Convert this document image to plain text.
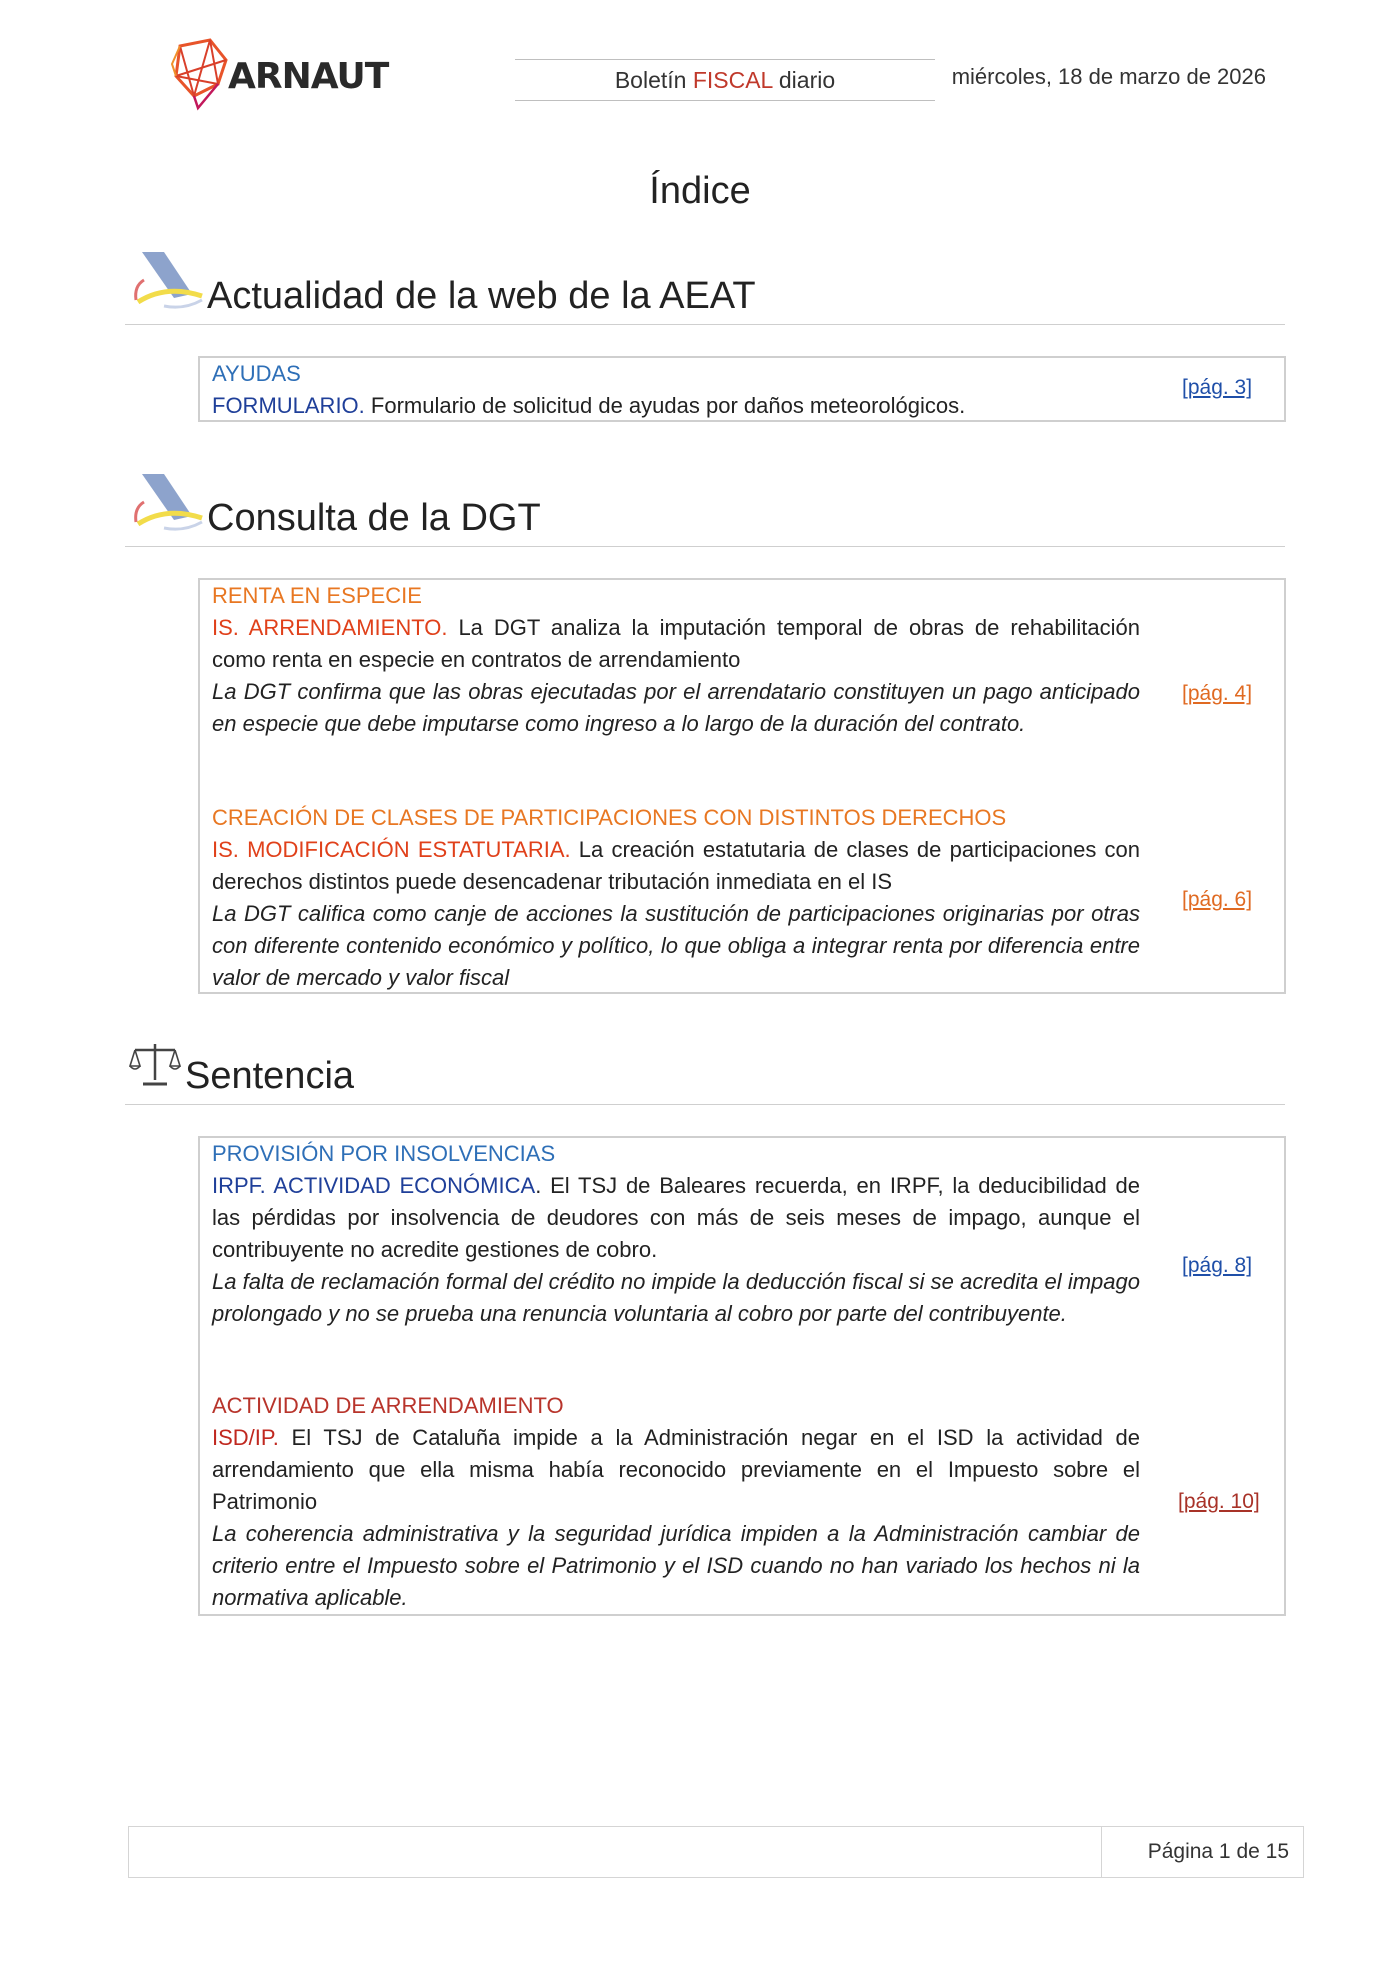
ARNAUT	Boletín FISCAL diario	miércoles, 18 de marzo de 2026
Índice
Actualidad de la web de la AEAT

AYUDAS

FORMULARIO. Formulario de solicitud de ayudas por daños meteorológicos.

[pág. 3]
Consulta de la DGT

RENTA EN ESPECIE

IS. ARRENDAMIENTO. La DGT analiza la imputación temporal de obras de rehabilitación como renta en especie en contratos de arrendamiento

La DGT confirma que las obras ejecutadas por el arrendatario constituyen un pago anticipado en especie que debe imputarse como ingreso a lo largo de la duración del contrato.

[pág. 4]

CREACIÓN DE CLASES DE PARTICIPACIONES CON DISTINTOS DERECHOS

IS. MODIFICACIÓN ESTATUTARIA. La creación estatutaria de clases de participaciones con derechos distintos puede desencadenar tributación inmediata en el IS

La DGT califica como canje de acciones la sustitución de participaciones originarias por otras con diferente contenido económico y político, lo que obliga a integrar renta por diferencia entre valor de mercado y valor fiscal

[pág. 6]
Sentencia

PROVISIÓN POR INSOLVENCIAS

IRPF. ACTIVIDAD ECONÓMICA. El TSJ de Baleares recuerda, en IRPF, la deducibilidad de las pérdidas por insolvencia de deudores con más de seis meses de impago, aunque el contribuyente no acredite gestiones de cobro.

La falta de reclamación formal del crédito no impide la deducción fiscal si se acredita el impago prolongado y no se prueba una renuncia voluntaria al cobro por parte del contribuyente.

[pág. 8]

ACTIVIDAD DE ARRENDAMIENTO

ISD/IP. El TSJ de Cataluña impide a la Administración negar en el ISD la actividad de arrendamiento que ella misma había reconocido previamente en el Impuesto sobre el Patrimonio

La coherencia administrativa y la seguridad jurídica impiden a la Administración cambiar de criterio entre el Impuesto sobre el Patrimonio y el ISD cuando no han variado los hechos ni la normativa aplicable.

[pág. 10]
Página 1 de 15
